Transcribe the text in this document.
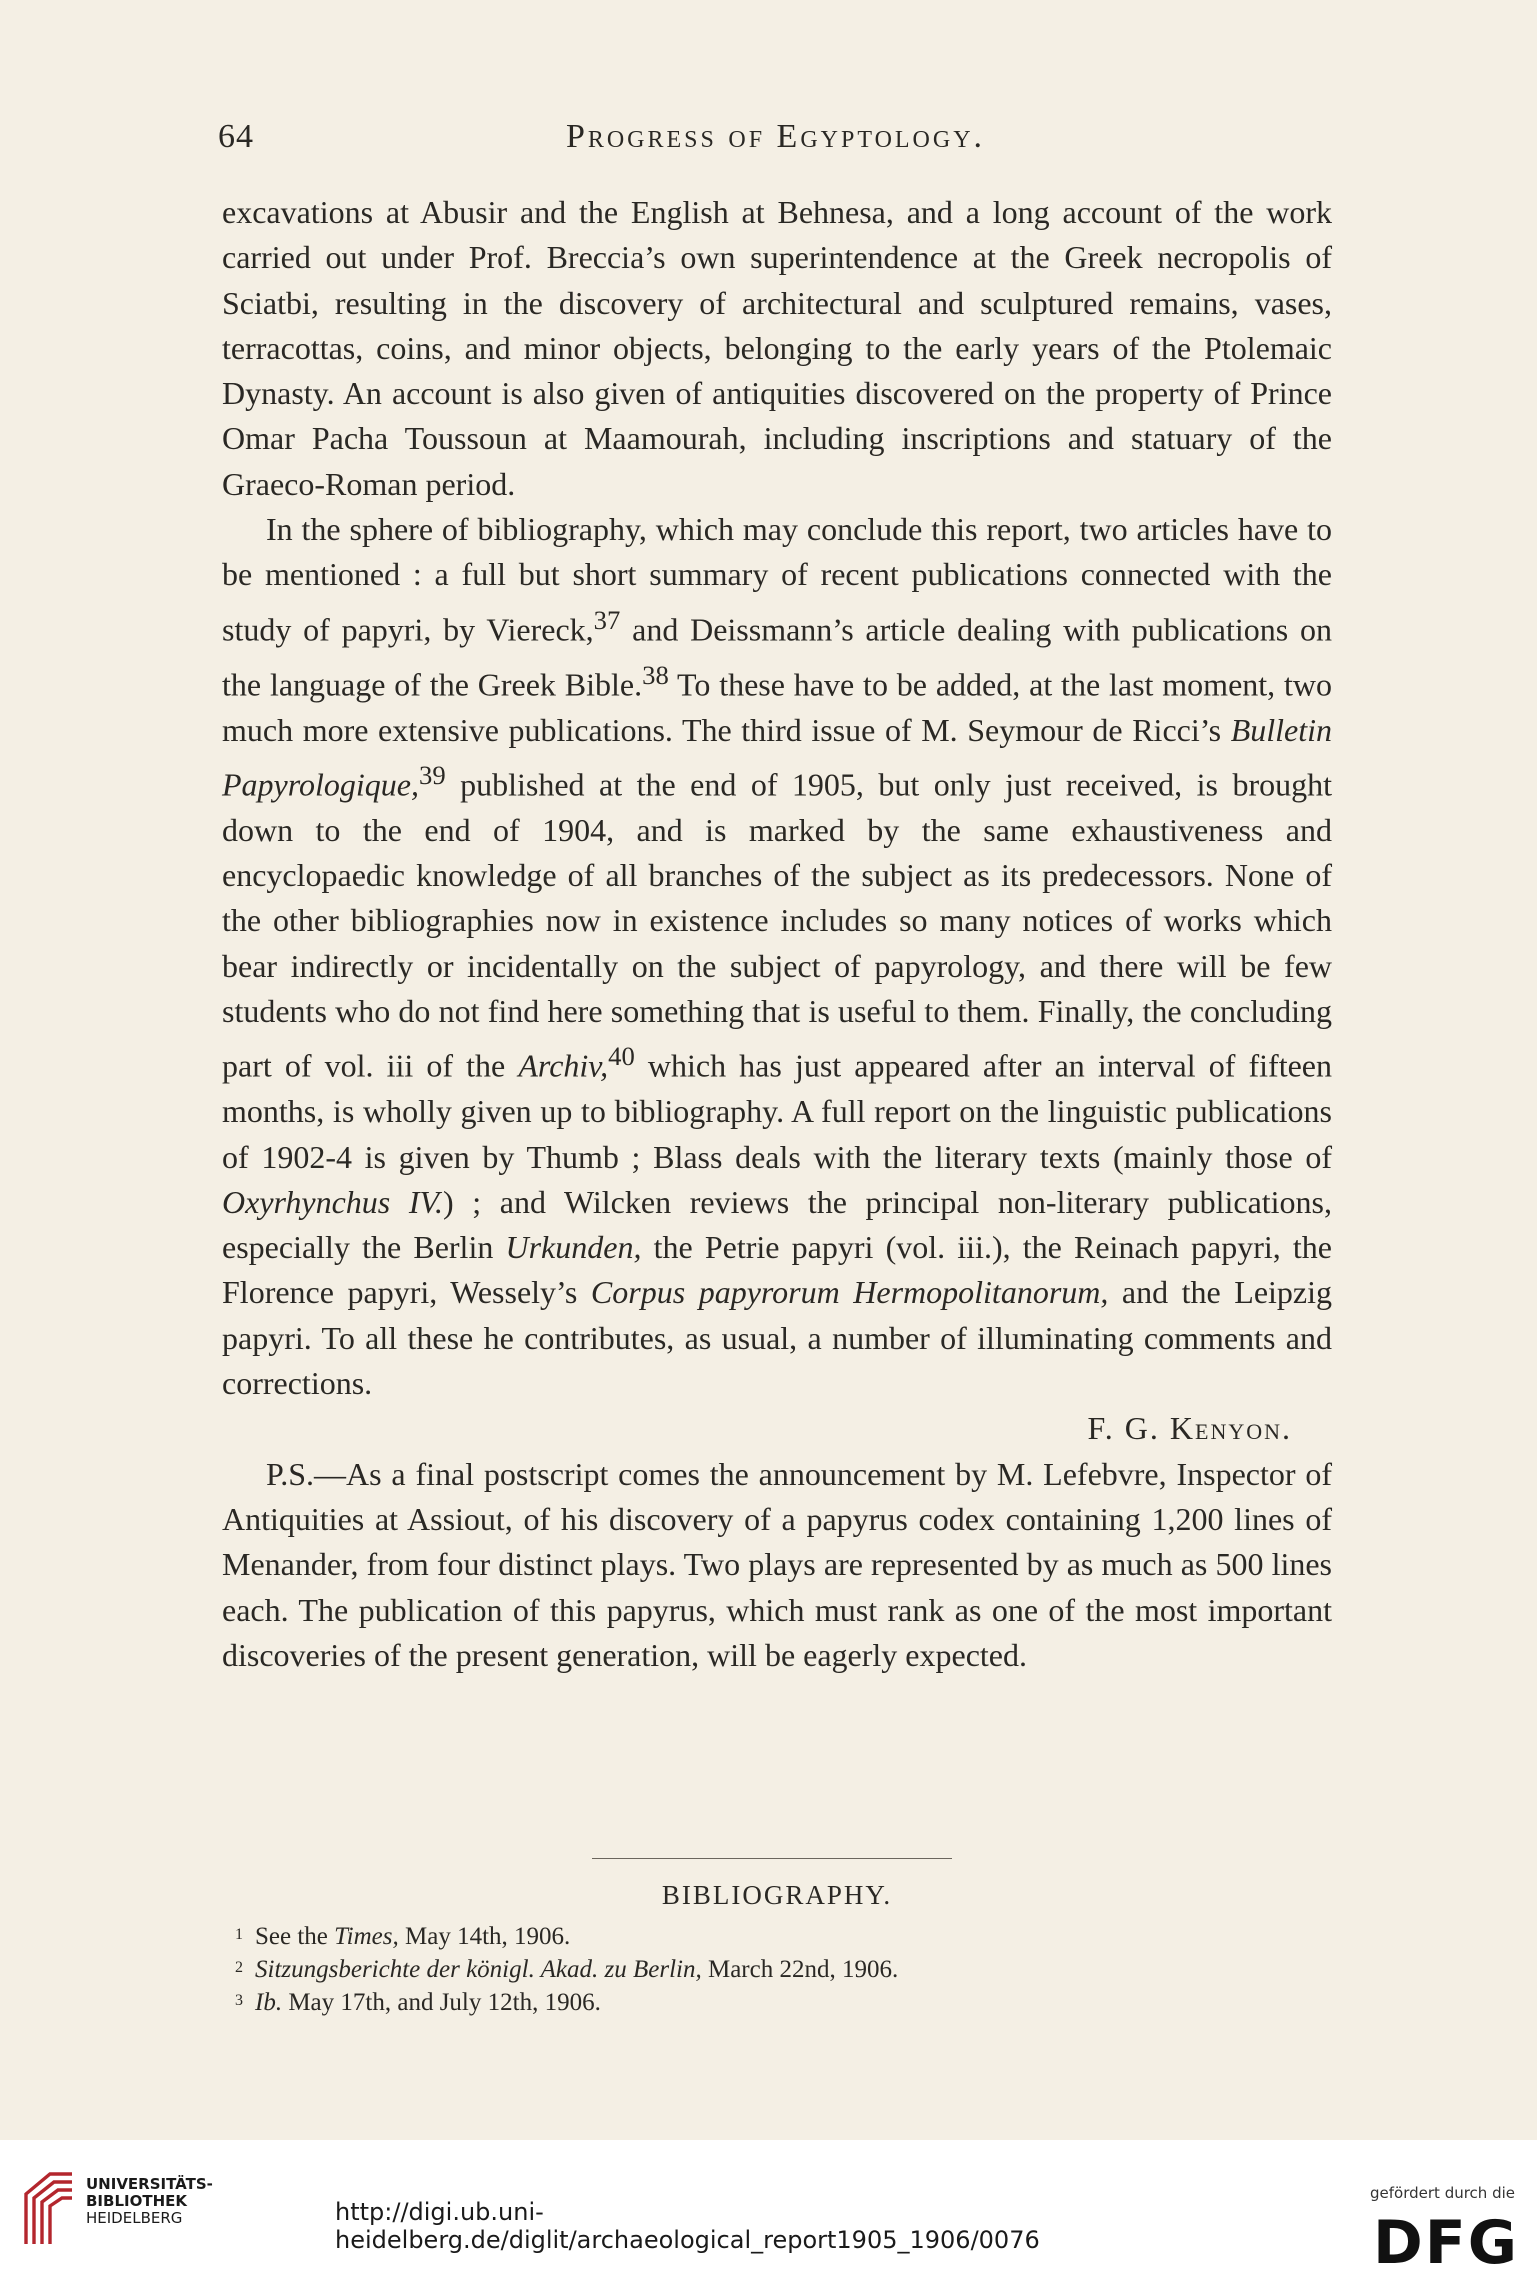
64	Progress of Egyptology.

excavations at Abusir and the English at Behnesa, and a long account of the work carried out under Prof. Breccia’s own superintendence at the Greek necropolis of Sciatbi, resulting in the discovery of architectural and sculptured remains, vases, terracottas, coins, and minor objects, belonging to the early years of the Ptolemaic Dynasty. An account is also given of antiquities discovered on the property of Prince Omar Pacha Toussoun at Maamourah, including inscriptions and statuary of the Graeco-Roman period.

In the sphere of bibliography, which may conclude this report, two articles have to be mentioned : a full but short summary of recent publications connected with the study of papyri, by Viereck,$^{37}$ and Deissmann’s article dealing with publications on the language of the Greek Bible.$^{38}$ To these have to be added, at the last moment, two much more extensive publications. The third issue of M. Seymour de Ricci’s Bulletin Papyrologique,$^{39}$ published at the end of 1905, but only just received, is brought down to the end of 1904, and is marked by the same exhaustiveness and encyclopaedic knowledge of all branches of the subject as its predecessors. None of the other bibliographies now in existence includes so many notices of works which bear indirectly or incidentally on the subject of papyrology, and there will be few students who do not find here something that is useful to them. Finally, the concluding part of vol. iii of the Archiv,$^{40}$ which has just appeared after an interval of fifteen months, is wholly given up to bibliography. A full report on the linguistic publications of 1902-4 is given by Thumb ; Blass deals with the literary texts (mainly those of Oxyrhynchus IV.) ; and Wilcken reviews the principal non-literary publications, especially the Berlin Urkunden, the Petrie papyri (vol. iii.), the Reinach papyri, the Florence papyri, Wessely’s Corpus papyrorum Hermopolitanorum, and the Leipzig papyri. To all these he contributes, as usual, a number of illuminating comments and corrections.

F. G. Kenyon.

P.S.—As a final postscript comes the announcement by M. Lefebvre, Inspector of Antiquities at Assiout, of his discovery of a papyrus codex containing 1,200 lines of Menander, from four distinct plays. Two plays are represented by as much as 500 lines each. The publication of this papyrus, which must rank as one of the most important discoveries of the present generation, will be eagerly expected.

BIBLIOGRAPHY.
1 See the Times, May 14th, 1906.
2 Sitzungsberichte der königl. Akad. zu Berlin, March 22nd, 1906.
3 Ib. May 17th, and July 12th, 1906.
UNIVERSITÄTS-
BIBLIOTHEK
HEIDELBERG	http://digi.ub.uni-heidelberg.de/diglit/archaeological_report1905_1906/0076
gefördert durch die
DFG
